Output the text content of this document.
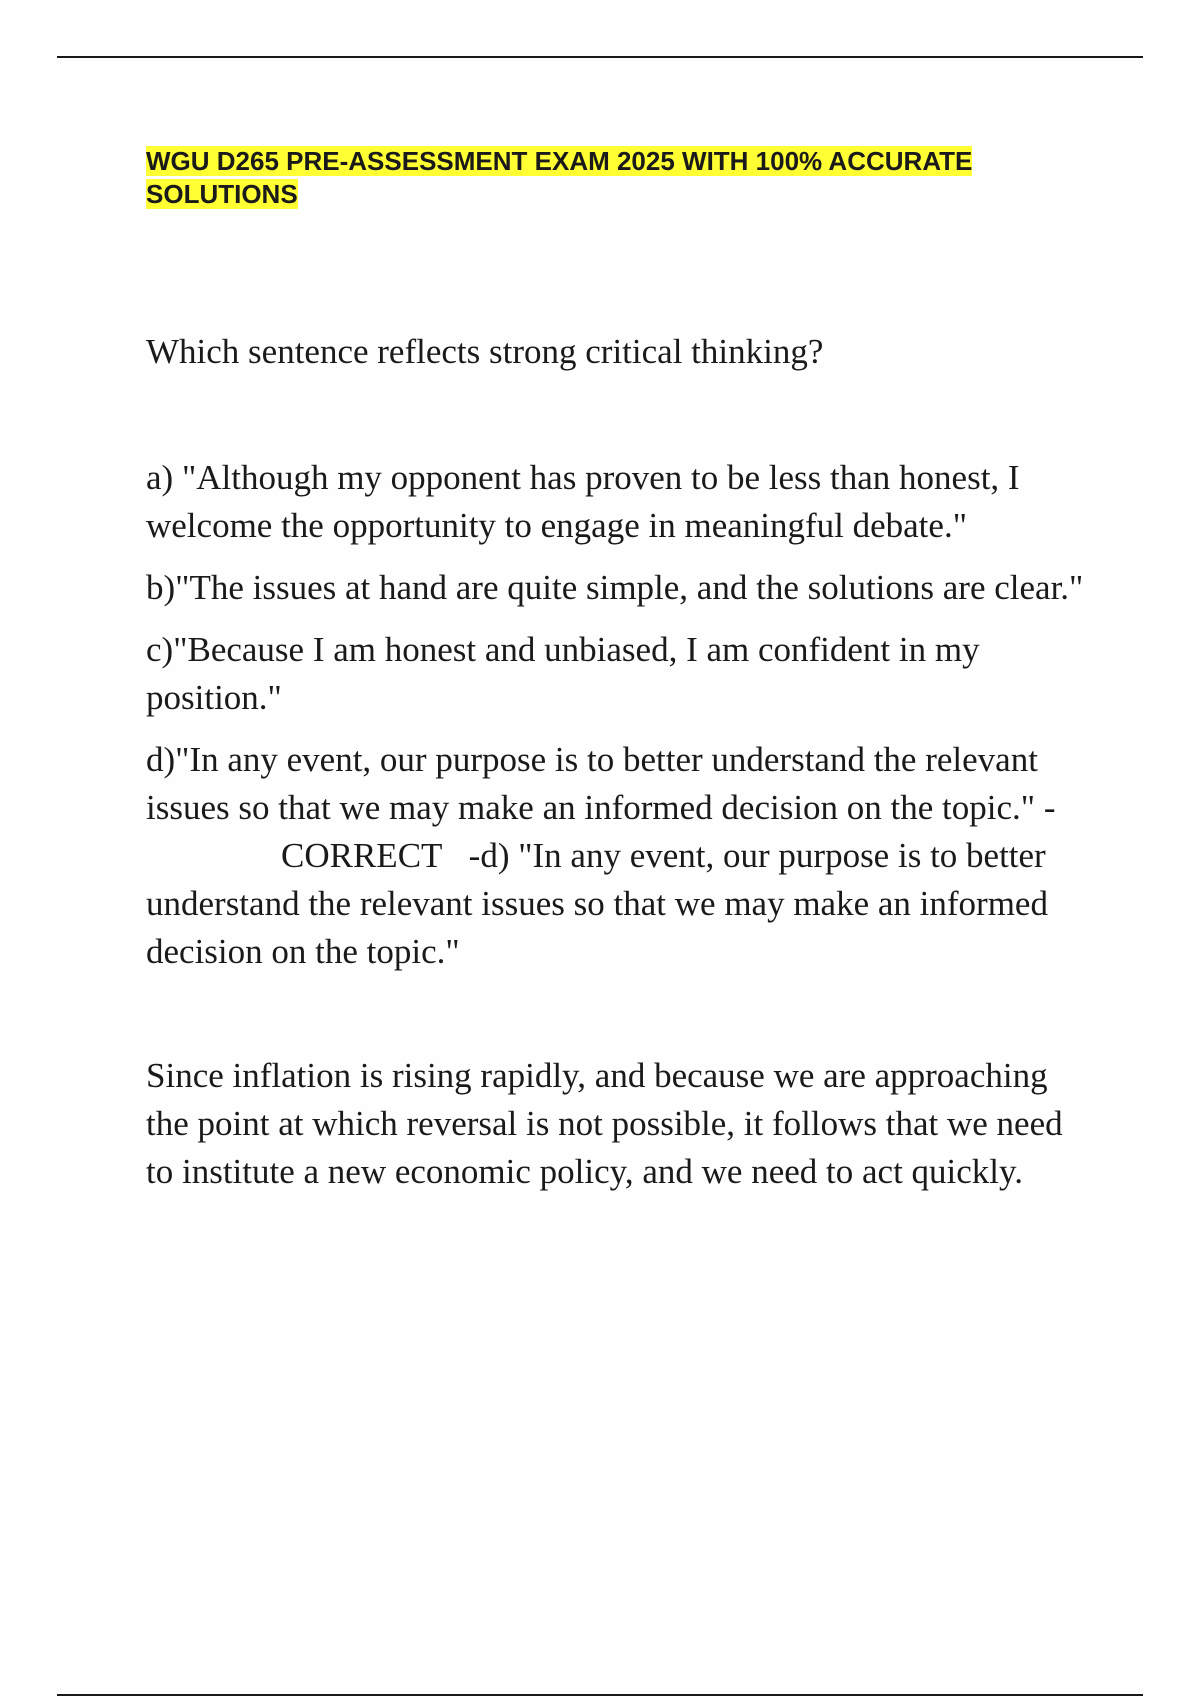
WGU D265 PRE-ASSESSMENT EXAM 2025 WITH 100% ACCURATE SOLUTIONS

Which sentence reflects strong critical thinking?

a) "Although my opponent has proven to be less than honest, I welcome the opportunity to engage in meaningful debate."

b)"The issues at hand are quite simple, and the solutions are clear."

c)"Because I am honest and unbiased, I am confident in my position."

d)"In any event, our purpose is to better understand the relevant issues so that we may make an informed decision on the topic." -
CORRECT -d) "In any event, our purpose is to better understand the relevant issues so that we may make an informed decision on the topic."

Since inflation is rising rapidly, and because we are approaching the point at which reversal is not possible, it follows that we need to institute a new economic policy, and we need to act quickly.
